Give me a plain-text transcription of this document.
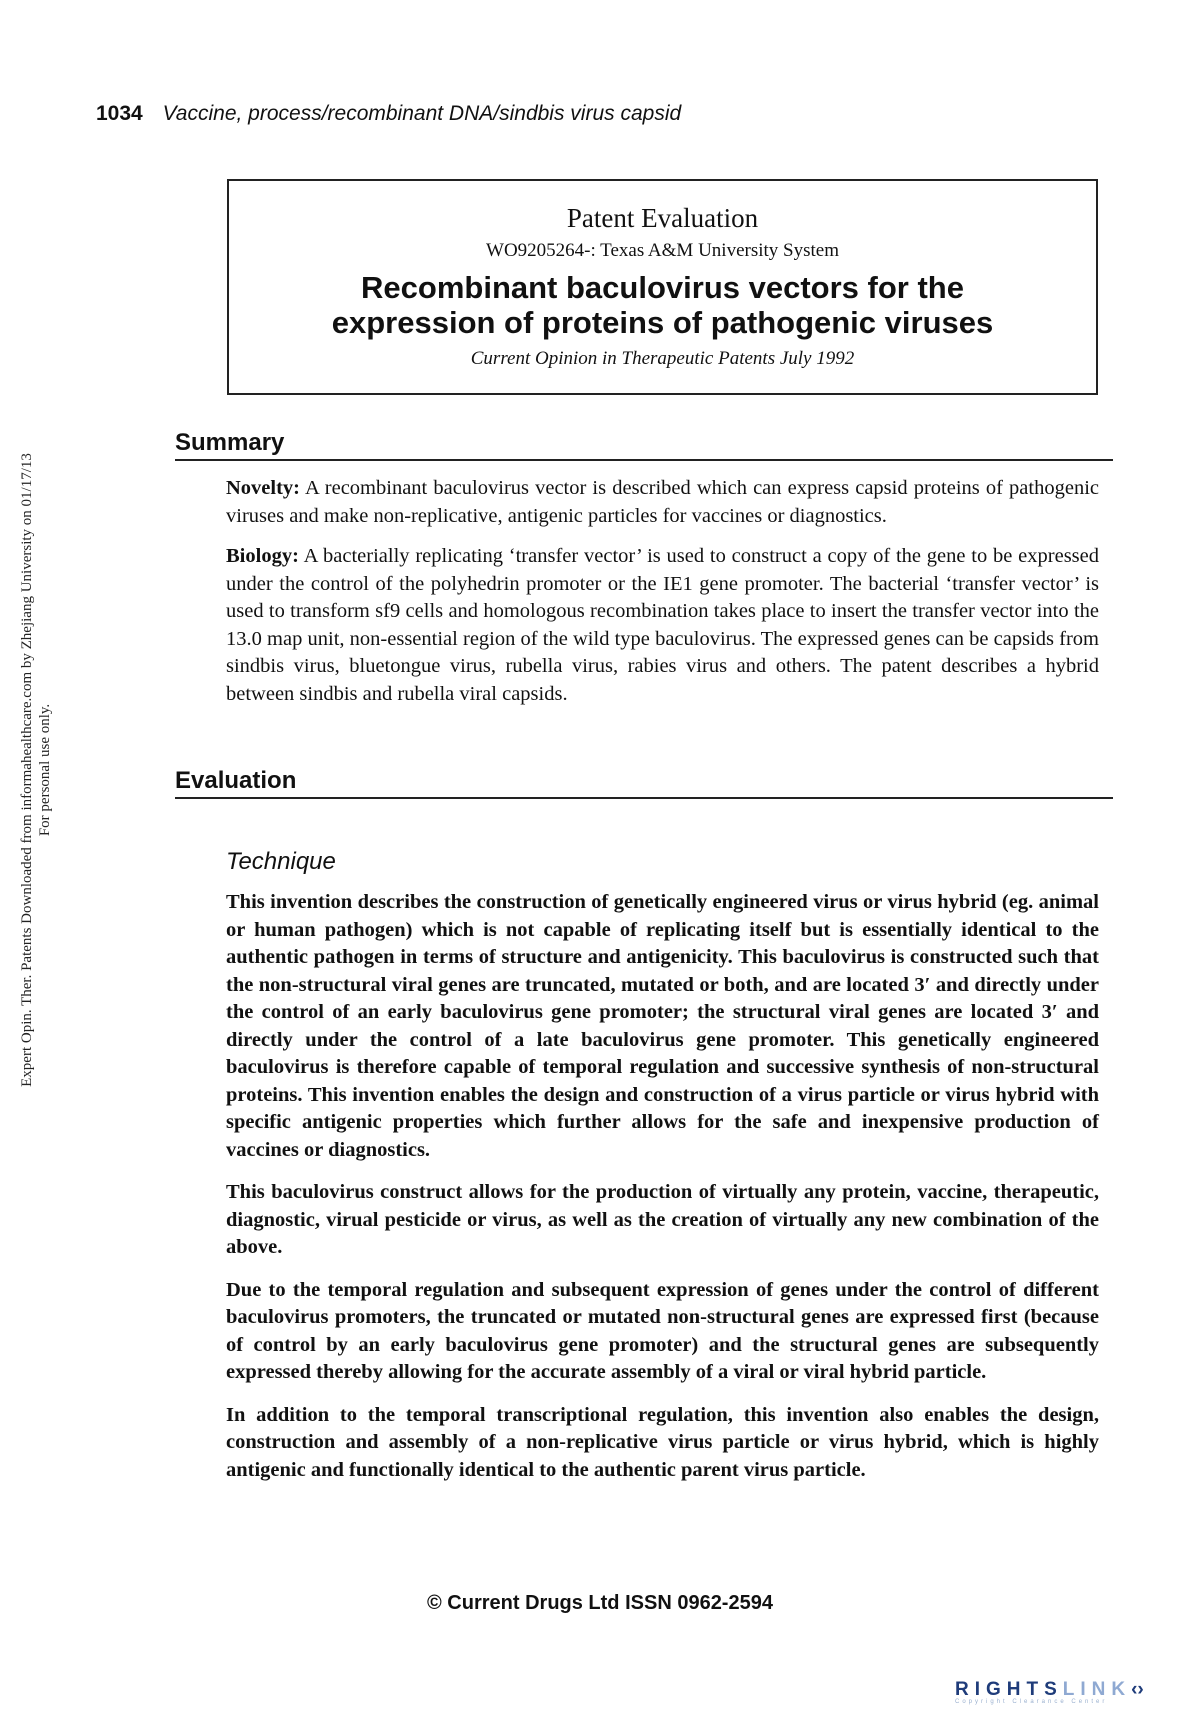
1034 Vaccine, process/recombinant DNA/sindbis virus capsid
Patent Evaluation
WO9205264-: Texas A&M University System
Recombinant baculovirus vectors for the expression of proteins of pathogenic viruses
Current Opinion in Therapeutic Patents July 1992
Summary

Novelty: A recombinant baculovirus vector is described which can express capsid proteins of pathogenic viruses and make non-replicative, antigenic particles for vaccines or diagnostics.

Biology: A bacterially replicating ‘transfer vector’ is used to construct a copy of the gene to be expressed under the control of the polyhedrin promoter or the IE1 gene promoter. The bacterial ‘transfer vector’ is used to transform sf9 cells and homologous recombination takes place to insert the transfer vector into the 13.0 map unit, non-essential region of the wild type baculovirus. The expressed genes can be capsids from sindbis virus, bluetongue virus, rubella virus, rabies virus and others. The patent describes a hybrid between sindbis and rubella viral capsids.

Evaluation
Technique

This invention describes the construction of genetically engineered virus or virus hybrid (eg. animal or human pathogen) which is not capable of replicating itself but is essentially identical to the authentic pathogen in terms of structure and antigenicity. This baculovirus is constructed such that the non-structural viral genes are truncated, mutated or both, and are located 3′ and directly under the control of an early baculovirus gene promoter; the structural viral genes are located 3′ and directly under the control of a late baculovirus gene promoter. This genetically engineered baculovirus is therefore capable of temporal regulation and successive synthesis of non-structural proteins. This invention enables the design and construction of a virus particle or virus hybrid with specific antigenic properties which further allows for the safe and inexpensive production of vaccines or diagnostics.

This baculovirus construct allows for the production of virtually any protein, vaccine, therapeutic, diagnostic, virual pesticide or virus, as well as the creation of virtually any new combination of the above.

Due to the temporal regulation and subsequent expression of genes under the control of different baculovirus promoters, the truncated or mutated non-structural genes are expressed first (because of control by an early baculovirus gene promoter) and the structural genes are subsequently expressed thereby allowing for the accurate assembly of a viral or viral hybrid particle.

In addition to the temporal transcriptional regulation, this invention also enables the design, construction and assembly of a non-replicative virus particle or virus hybrid, which is highly antigenic and functionally identical to the authentic parent virus particle.

© Current Drugs Ltd ISSN 0962-2594
Expert Opin. Ther. Patents Downloaded from informahealthcare.com by Zhejiang University on 01/17/13 For personal use only.
RIGHTSLINK‹›
Copyright Clearance Center
